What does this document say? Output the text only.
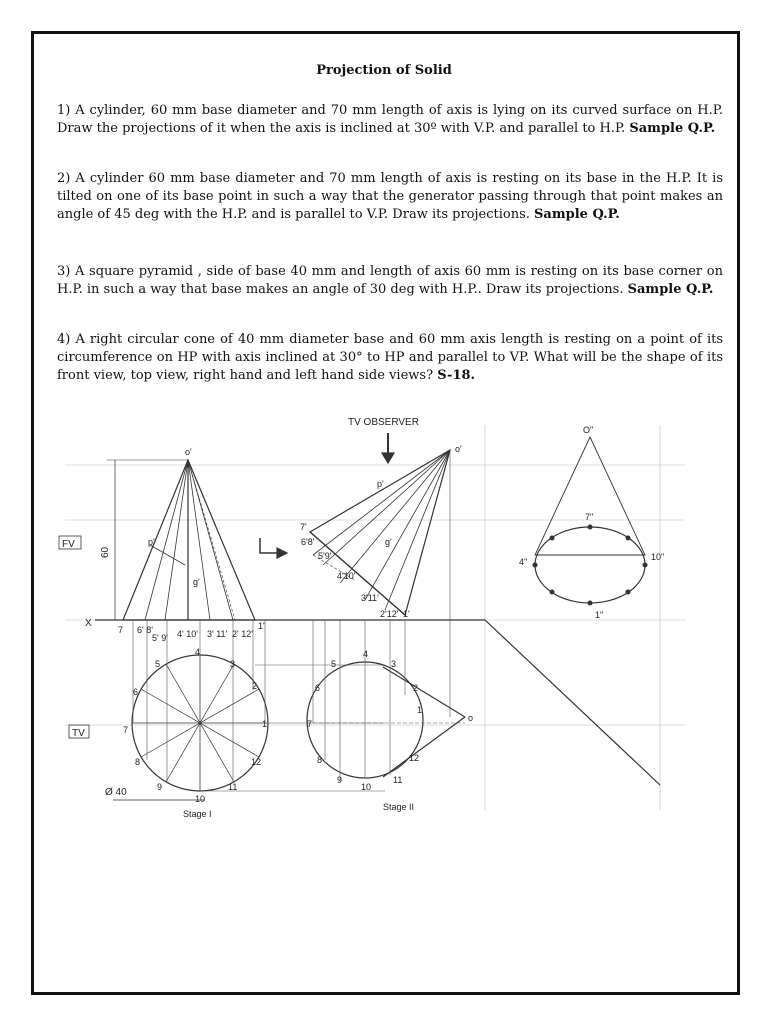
Projection of Solid
1) A cylinder, 60 mm base diameter and 70 mm length of axis is lying on its curved surface on H.P. Draw the projections of it when the axis is inclined at 30º with V.P. and parallel to H.P. Sample Q.P.
2) A cylinder 60 mm base diameter and 70 mm length of axis is resting on its base in the H.P. It is tilted on one of its base point in such a way that the generator passing through that point makes an angle of 45 deg with the H.P. and is parallel to V.P. Draw its projections. Sample Q.P.
3) A square pyramid , side of base 40 mm and length of axis 60 mm is resting on its base corner on H.P. in such a way that base makes an angle of 30 deg with H.P.. Draw its projections. Sample Q.P.
4) A right circular cone of 40 mm diameter base and 60 mm axis length is resting on a point of its circumference on HP with axis inclined at 30° to HP and parallel to VP. What will be the shape of its front view, top view, right hand and left hand side views? S-18.
TV OBSERVER
FV
TV
60
X
Ø 40
Stage I
Stage II
o'	o'
O"
g'
g'
p'
p'
7"
4"
1"
10"
o
7 6' 8'
5' 9' 4' 10' 3' 11' 2' 12'
1'
1
2
3
4
5
6
7
8
9
10
11
12
7'
6'8'
5'9'
4'10'
3'11'
2'12' 1'
4
3
5
2
6
1
7
8
9
10
11
12
